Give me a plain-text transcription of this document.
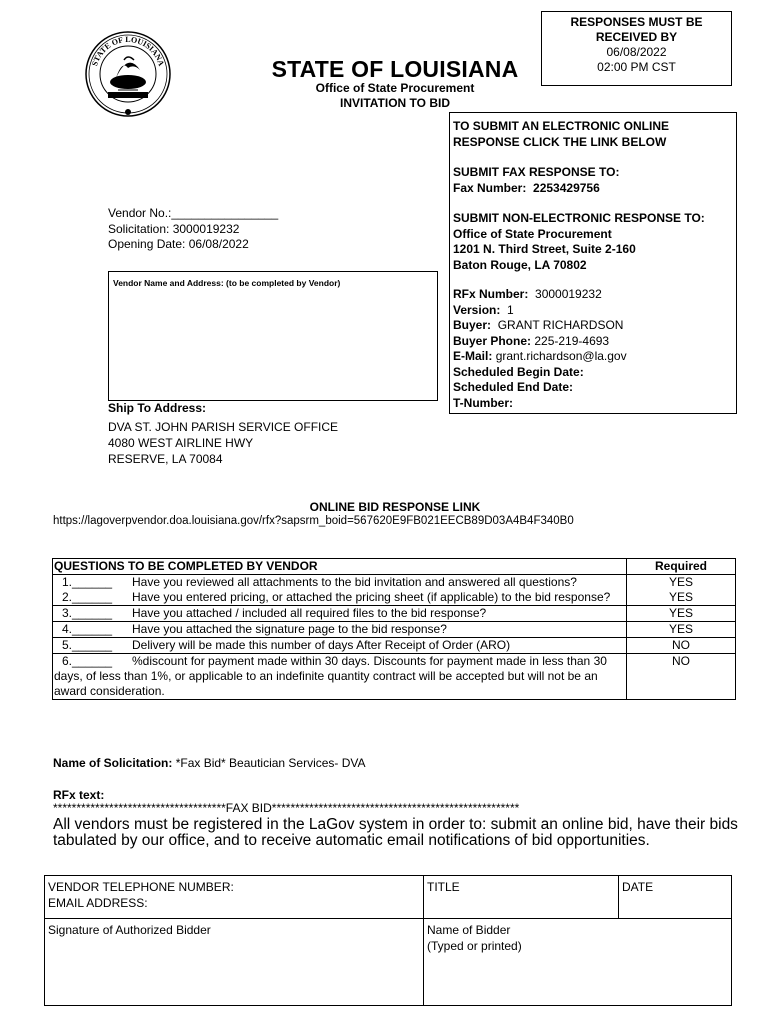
STATE OF LOUISIANA
RESPONSES MUST BE
RECEIVED BY
06/08/2022
02:00 PM CST
STATE OF LOUISIANA
Office of State Procurement
INVITATION TO BID
TO SUBMIT AN ELECTRONIC ONLINE
RESPONSE CLICK THE LINK BELOW
SUBMIT FAX RESPONSE TO:
Fax Number: 2253429756
SUBMIT NON-ELECTRONIC RESPONSE TO:
Office of State Procurement
1201 N. Third Street, Suite 2-160
Baton Rouge, LA 70802
RFx Number: 3000019232
Version: 1
Buyer: GRANT RICHARDSON
Buyer Phone: 225-219-4693
E-Mail: grant.richardson@la.gov
Scheduled Begin Date:
Scheduled End Date:
T-Number:
Vendor No.:________________
Solicitation: 3000019232
Opening Date: 06/08/2022
Vendor Name and Address: (to be completed by Vendor)
Ship To Address:
DVA ST. JOHN PARISH SERVICE OFFICE
4080 WEST AIRLINE HWY
RESERVE, LA 70084
ONLINE BID RESPONSE LINK
https://lagoverpvendor.doa.louisiana.gov/rfx?sapsrm_boid=567620E9FB021EECB89D03A4B4F340B0
QUESTIONS TO BE COMPLETED BY VENDOR	Required
1.______ Have you reviewed all attachments to the bid invitation and answered all questions?	YES
2.______ Have you entered pricing, or attached the pricing sheet (if applicable) to the bid response?	YES
3.______ Have you attached / included all required files to the bid response?	YES
4.______ Have you attached the signature page to the bid response?	YES
5.______ Delivery will be made this number of days After Receipt of Order (ARO)	NO
6.______ %discount for payment made within 30 days. Discounts for payment made in less than 30 days, of less than 1%, or applicable to an indefinite quantity contract will be accepted but will not be an award consideration.	NO
Name of Solicitation: *Fax Bid* Beautician Services- DVA
RFx text:
*************************************FAX BID*****************************************************
All vendors must be registered in the LaGov system in order to: submit an online bid, have their bids tabulated by our office, and to receive automatic email notifications of bid opportunities.
VENDOR TELEPHONE NUMBER:
EMAIL ADDRESS:	TITLE	DATE

Signature of Authorized Bidder	Name of Bidder
(Typed or printed)	
